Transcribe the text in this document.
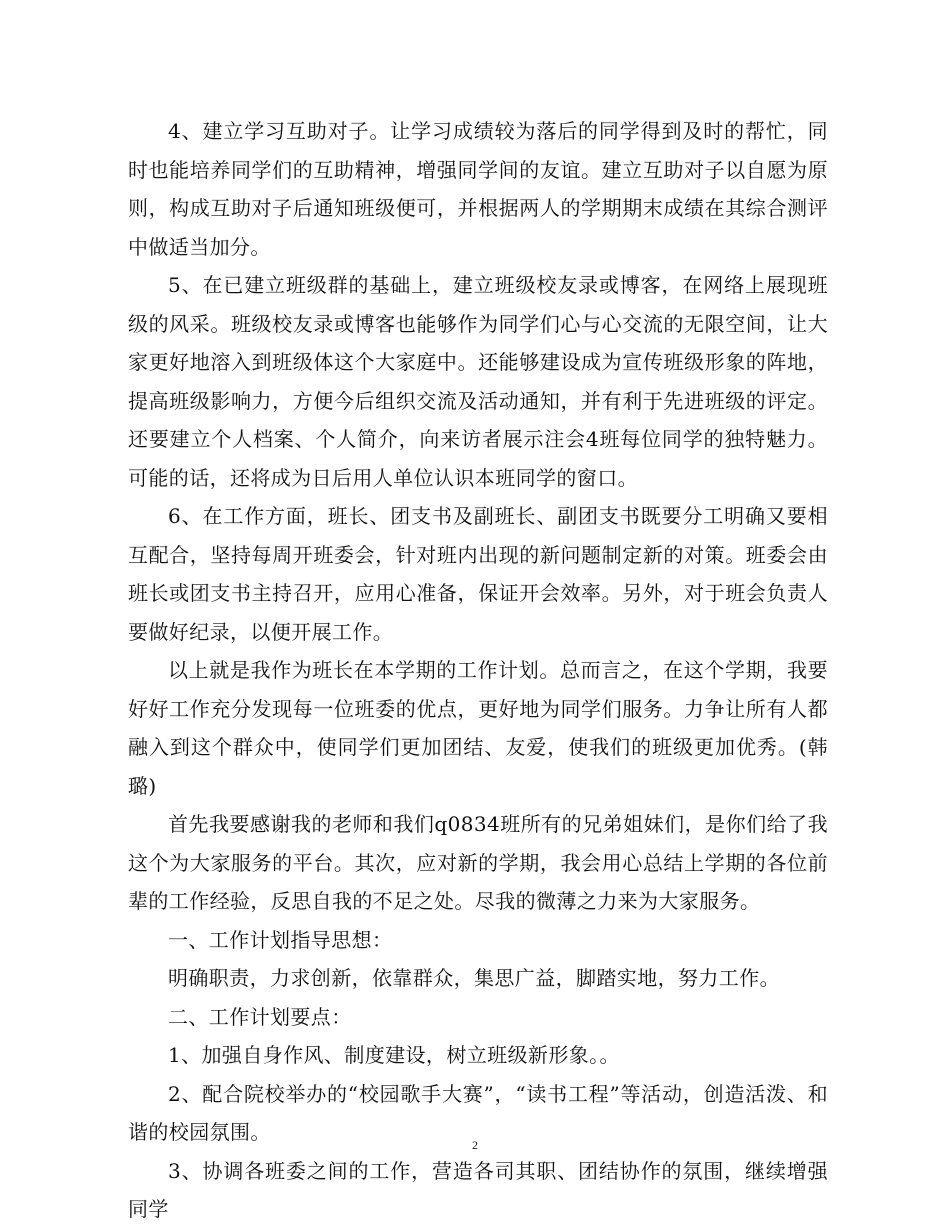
4、建立学习互助对子。让学习成绩较为落后的同学得到及时的帮忙，同时也能培养同学们的互助精神，增强同学间的友谊。建立互助对子以自愿为原则，构成互助对子后通知班级便可，并根据两人的学期期末成绩在其综合测评中做适当加分。

5、在已建立班级群的基础上，建立班级校友录或博客，在网络上展现班级的风采。班级校友录或博客也能够作为同学们心与心交流的无限空间，让大家更好地溶入到班级体这个大家庭中。还能够建设成为宣传班级形象的阵地，提高班级影响力，方便今后组织交流及活动通知，并有利于先进班级的评定。还要建立个人档案、个人简介，向来访者展示注会4班每位同学的独特魅力。可能的话，还将成为日后用人单位认识本班同学的窗口。

6、在工作方面，班长、团支书及副班长、副团支书既要分工明确又要相互配合，坚持每周开班委会，针对班内出现的新问题制定新的对策。班委会由班长或团支书主持召开，应用心准备，保证开会效率。另外，对于班会负责人要做好纪录，以便开展工作。

以上就是我作为班长在本学期的工作计划。总而言之，在这个学期，我要好好工作充分发现每一位班委的优点，更好地为同学们服务。力争让所有人都融入到这个群众中，使同学们更加团结、友爱，使我们的班级更加优秀。(韩璐)

首先我要感谢我的老师和我们q0834班所有的兄弟姐妹们，是你们给了我这个为大家服务的平台。其次，应对新的学期，我会用心总结上学期的各位前辈的工作经验，反思自我的不足之处。尽我的微薄之力来为大家服务。

一、工作计划指导思想：

明确职责，力求创新，依靠群众，集思广益，脚踏实地，努力工作。

二、工作计划要点：

1、加强自身作风、制度建设，树立班级新形象。。

2、配合院校举办的“校园歌手大赛”，“读书工程”等活动，创造活泼、和谐的校园氛围。

3、协调各班委之间的工作，营造各司其职、团结协作的氛围，继续增强同学

2
